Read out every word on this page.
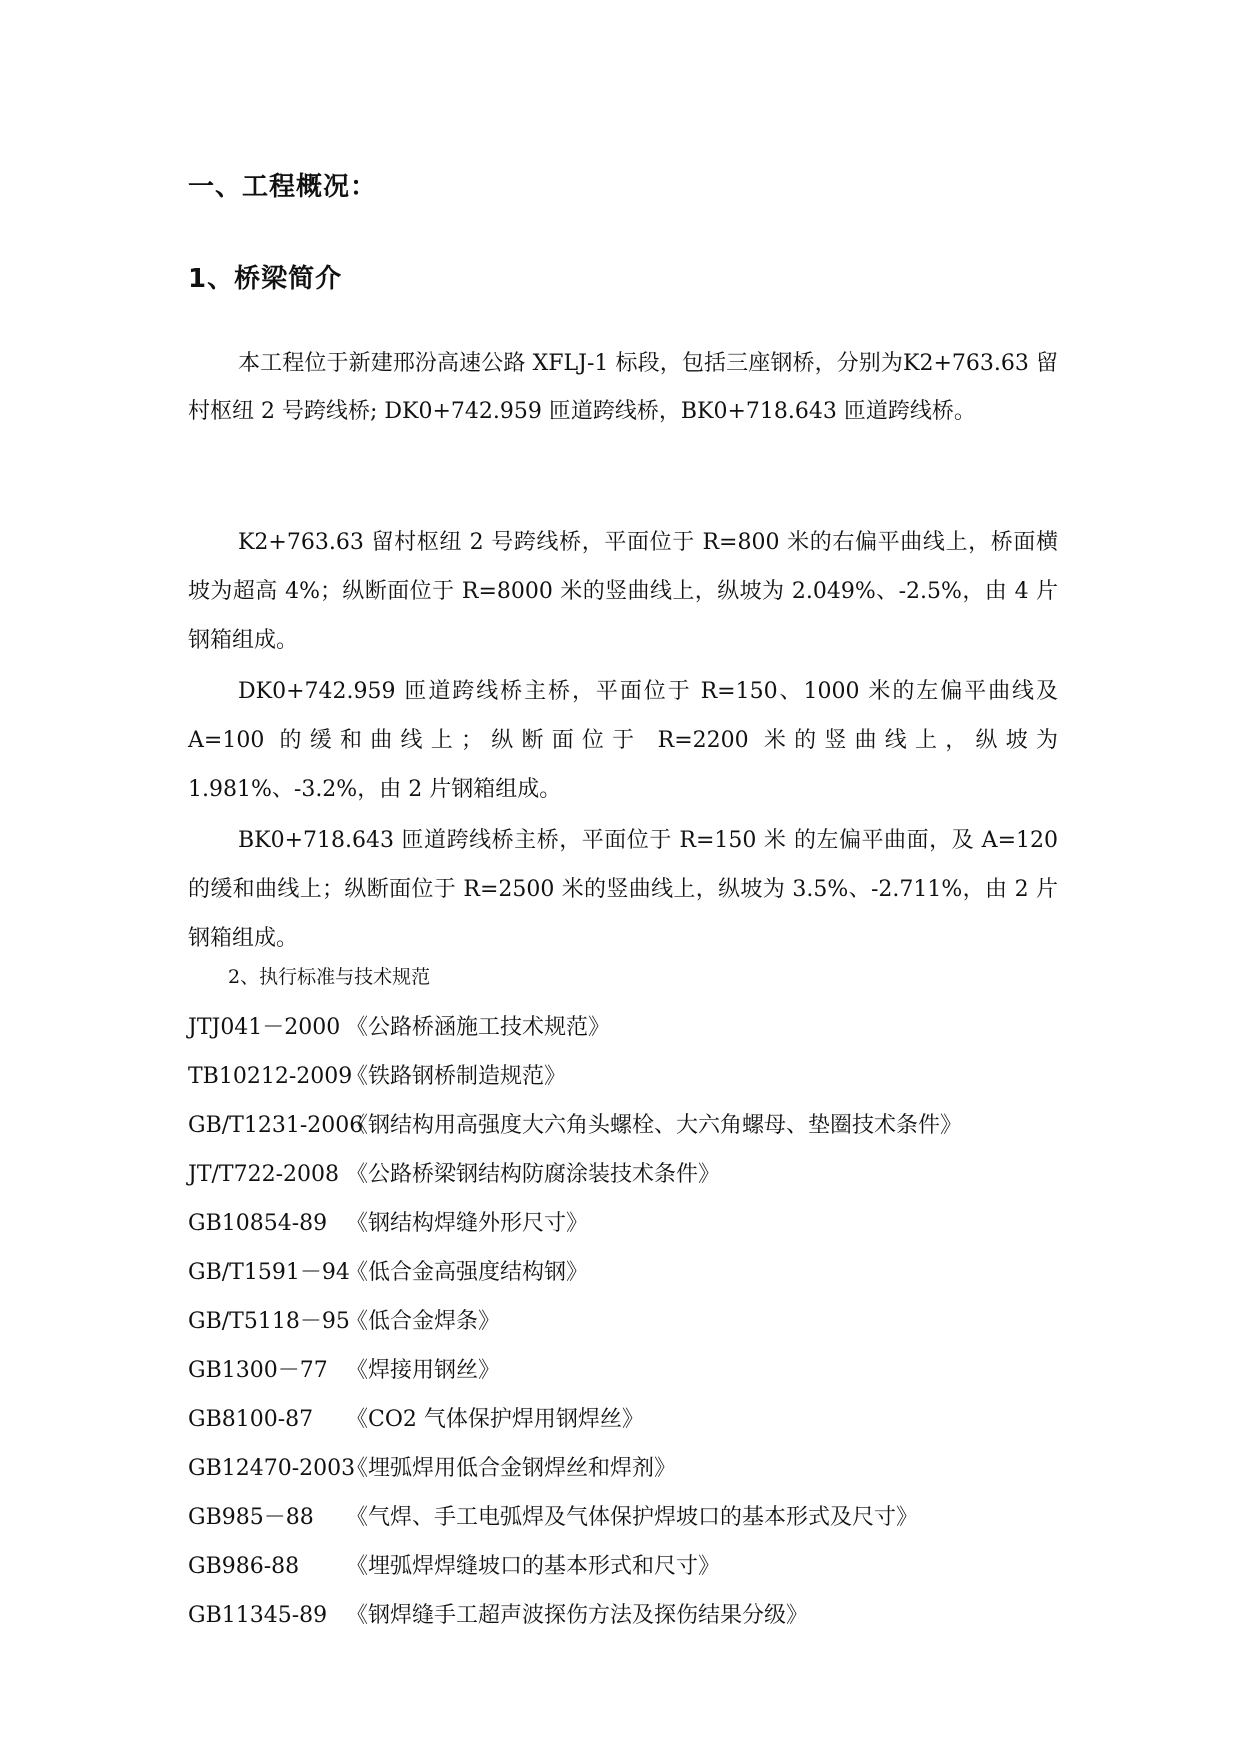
一、工程概况：
1、桥梁简介
本工程位于新建邢汾高速公路 XFLJ-1 标段，包括三座钢桥，分别为K2+763.63 留村枢纽 2 号跨线桥; DK0+742.959 匝道跨线桥，BK0+718.643 匝道跨线桥。
K2+763.63 留村枢纽 2 号跨线桥，平面位于 R=800 米的右偏平曲线上，桥面横坡为超高 4%；纵断面位于 R=8000 米的竖曲线上，纵坡为 2.049%、-2.5%，由 4 片钢箱组成。
DK0+742.959 匝道跨线桥主桥，平面位于 R=150、1000 米的左偏平曲线及 A=100 的缓和曲线上；纵断面位于 R=2200 米的竖曲线上，纵坡为 1.981%、-3.2%，由 2 片钢箱组成。
BK0+718.643 匝道跨线桥主桥，平面位于 R=150 米 的左偏平曲面，及 A=120 的缓和曲线上；纵断面位于 R=2500 米的竖曲线上，纵坡为 3.5%、-2.711%，由 2 片钢箱组成。
2、执行标准与技术规范
JTJ041－2000 《公路桥涵施工技术规范》
TB10212-2009
《铁路钢桥制造规范》
GB/T1231-2006
《钢结构用高强度大六角头螺栓、大六角螺母、垫圈技术条件》
JT/T722-2008 《公路桥梁钢结构防腐涂装技术条件》
GB10854-89 《钢结构焊缝外形尺寸》
GB/T1591－94
《低合金高强度结构钢》
GB/T5118－95
《低合金焊条》
GB1300－77 《焊接用钢丝》
GB8100-87 《CO2 气体保护焊用钢焊丝》
GB12470-2003
《埋弧焊用低合金钢焊丝和焊剂》
GB985－88 《气焊、手工电弧焊及气体保护焊坡口的基本形式及尺寸》
GB986-88 《埋弧焊焊缝坡口的基本形式和尺寸》
GB11345-89 《钢焊缝手工超声波探伤方法及探伤结果分级》
